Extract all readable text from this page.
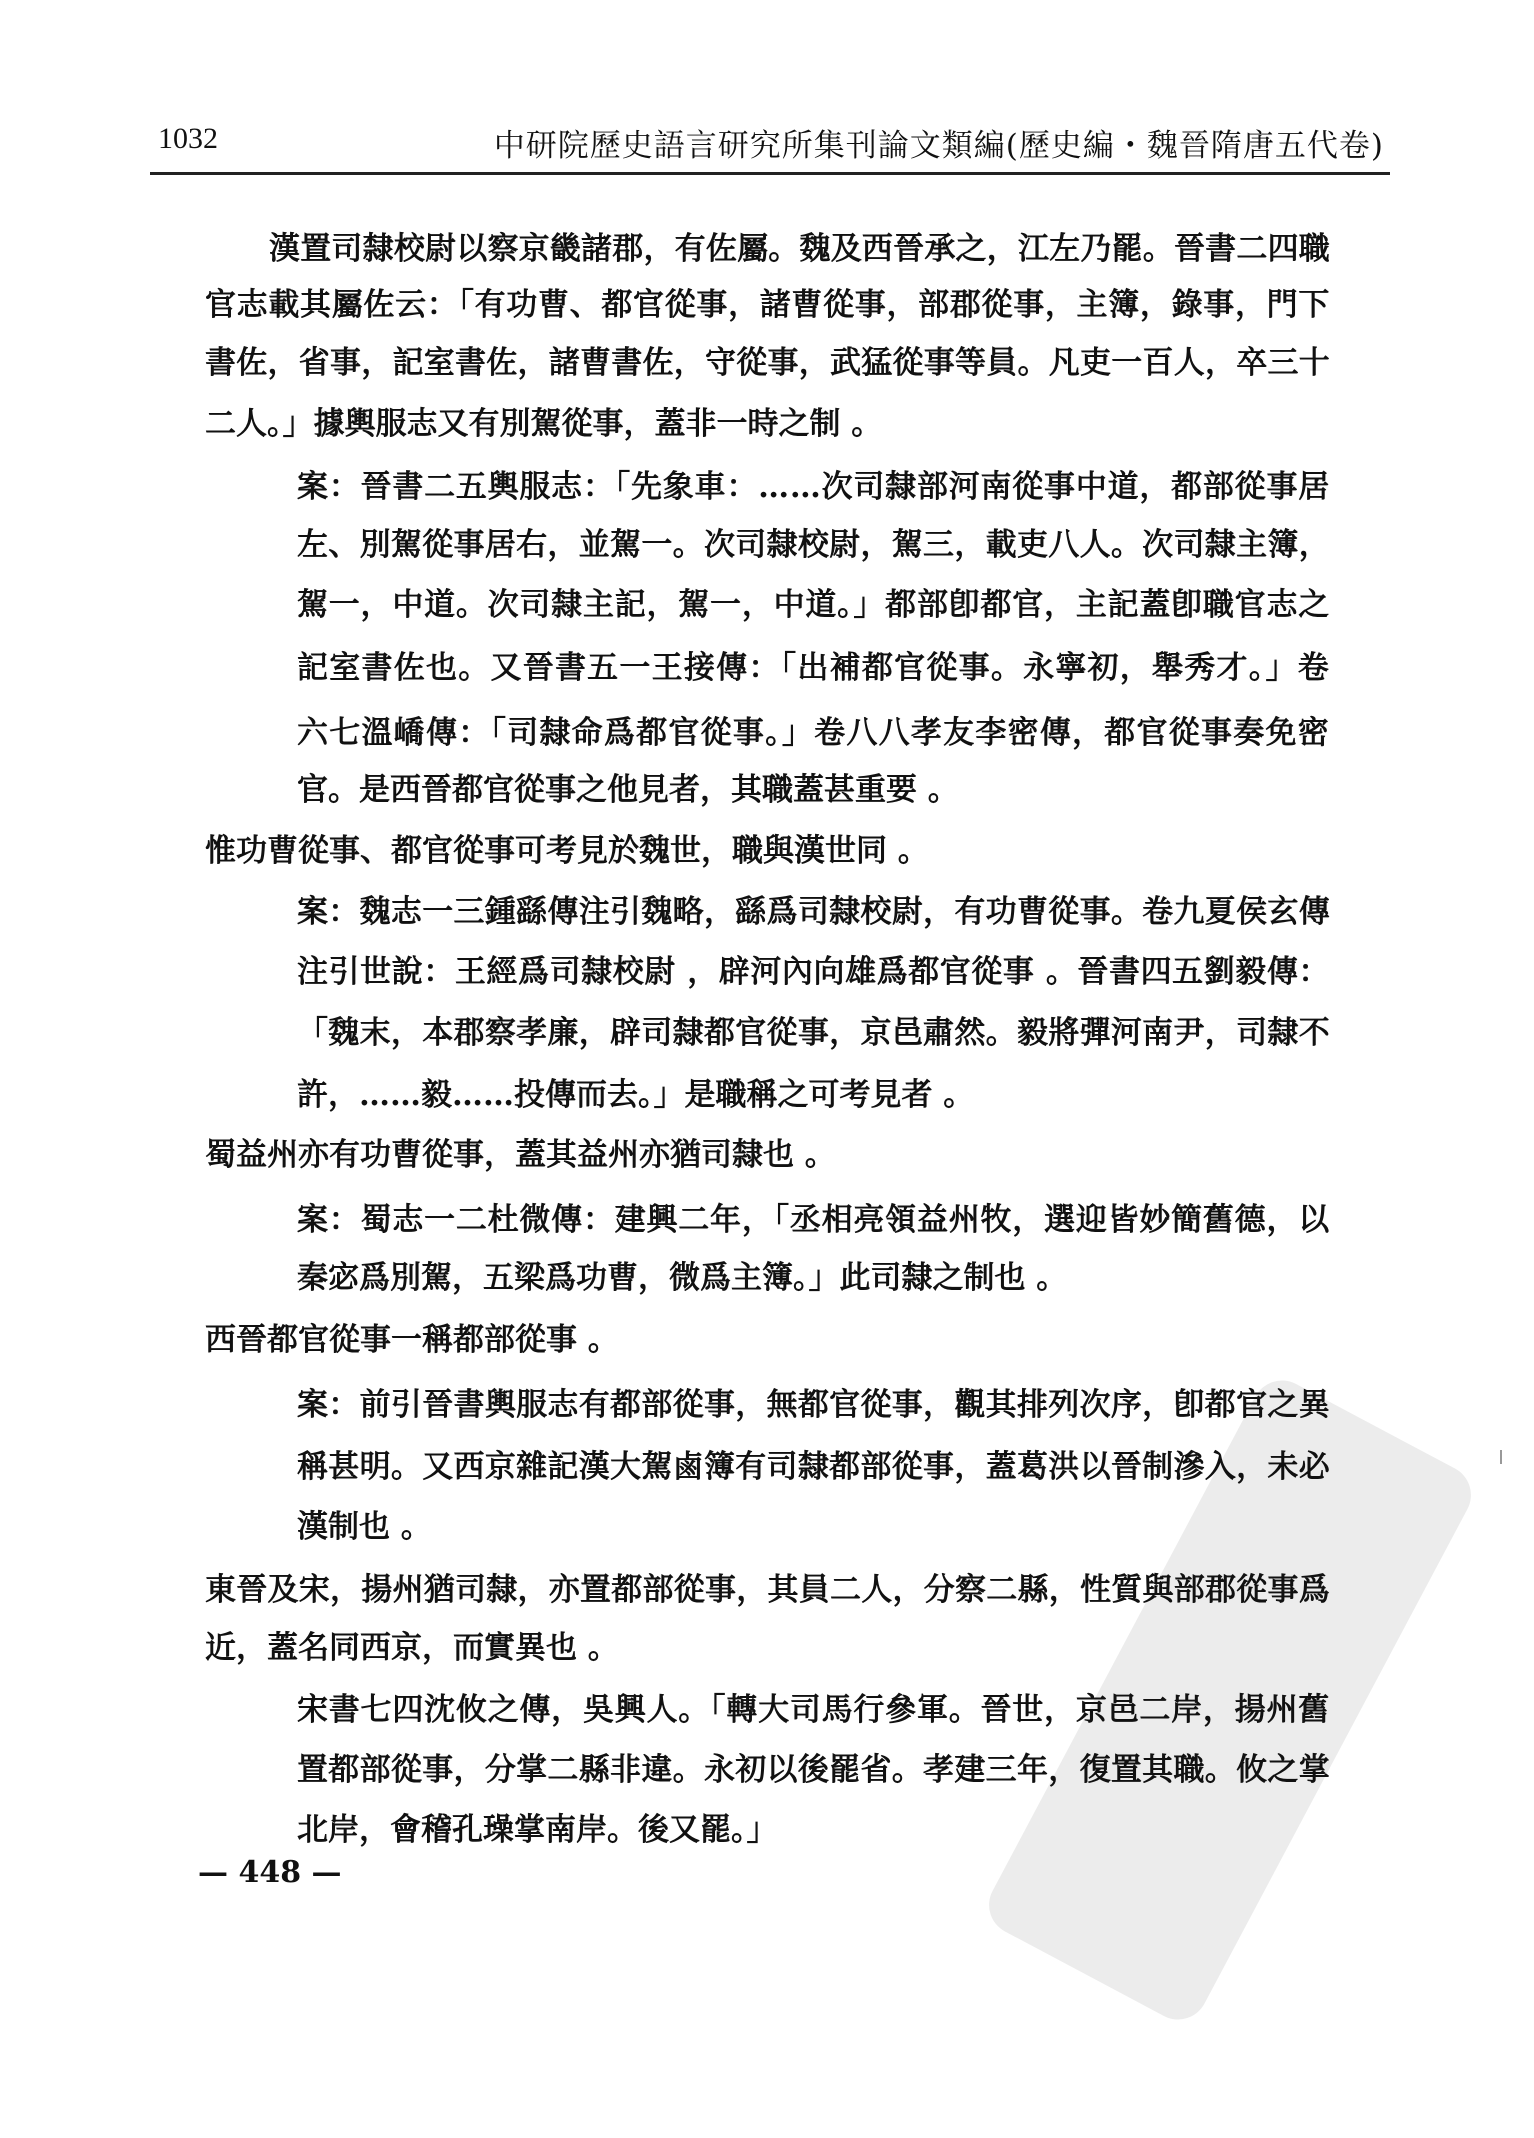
1032	中研院歷史語言研究所集刊論文類編(歷史編・魏晉隋唐五代卷)
PDG
漢置司隸校尉以察京畿諸郡，有佐屬。魏及西晉承之，江左乃罷。晉書二四職
官志載其屬佐云：「有功曹、都官從事，諸曹從事，部郡從事，主簿，錄事，門下
書佐，省事，記室書佐，諸曹書佐，守從事，武猛從事等員。凡吏一百人，卒三十
二人。」據輿服志又有別駕從事，蓋非一時之制 。
案：晉書二五輿服志：「先象車：……次司隸部河南從事中道，都部從事居
左、別駕從事居右，並駕一。次司隸校尉，駕三，載吏八人。次司隸主簿，
駕一，中道。次司隸主記，駕一，中道。」都部卽都官，主記蓋卽職官志之
記室書佐也。又晉書五一王接傳：「出補都官從事。永寧初，舉秀才。」卷
六七溫嶠傳：「司隸命爲都官從事。」卷八八孝友李密傳，都官從事奏免密
官。是西晉都官從事之他見者，其職蓋甚重要 。
惟功曹從事、都官從事可考見於魏世，職與漢世同 。
案：魏志一三鍾繇傳注引魏略，繇爲司隸校尉，有功曹從事。卷九夏侯玄傳
注引世說：王經爲司隸校尉 ，辟河內向雄爲都官從事 。晉書四五劉毅傳：
「魏末，本郡察孝廉，辟司隸都官從事，京邑肅然。毅將彈河南尹，司隸不
許，……毅……投傳而去。」是職稱之可考見者 。
蜀益州亦有功曹從事，蓋其益州亦猶司隸也 。
案：蜀志一二杜微傳：建興二年，「丞相亮領益州牧，選迎皆妙簡舊德，以
秦宓爲別駕，五梁爲功曹，微爲主簿。」此司隸之制也 。
西晉都官從事一稱都部從事 。
案：前引晉書輿服志有都部從事，無都官從事，觀其排列次序，卽都官之異
稱甚明。又西京雜記漢大駕鹵簿有司隸都部從事，蓋葛洪以晉制滲入，未必
漢制也 。
東晉及宋，揚州猶司隸，亦置都部從事，其員二人，分察二縣，性質與部郡從事爲
近，蓋名同西京，而實異也 。
宋書七四沈攸之傳，吳興人。「轉大司馬行參軍。晉世，京邑二岸，揚州舊
置都部從事，分掌二縣非違。永初以後罷省。孝建三年，復置其職。攸之掌
北岸，會稽孔璪掌南岸。後又罷。」
— 448 —
